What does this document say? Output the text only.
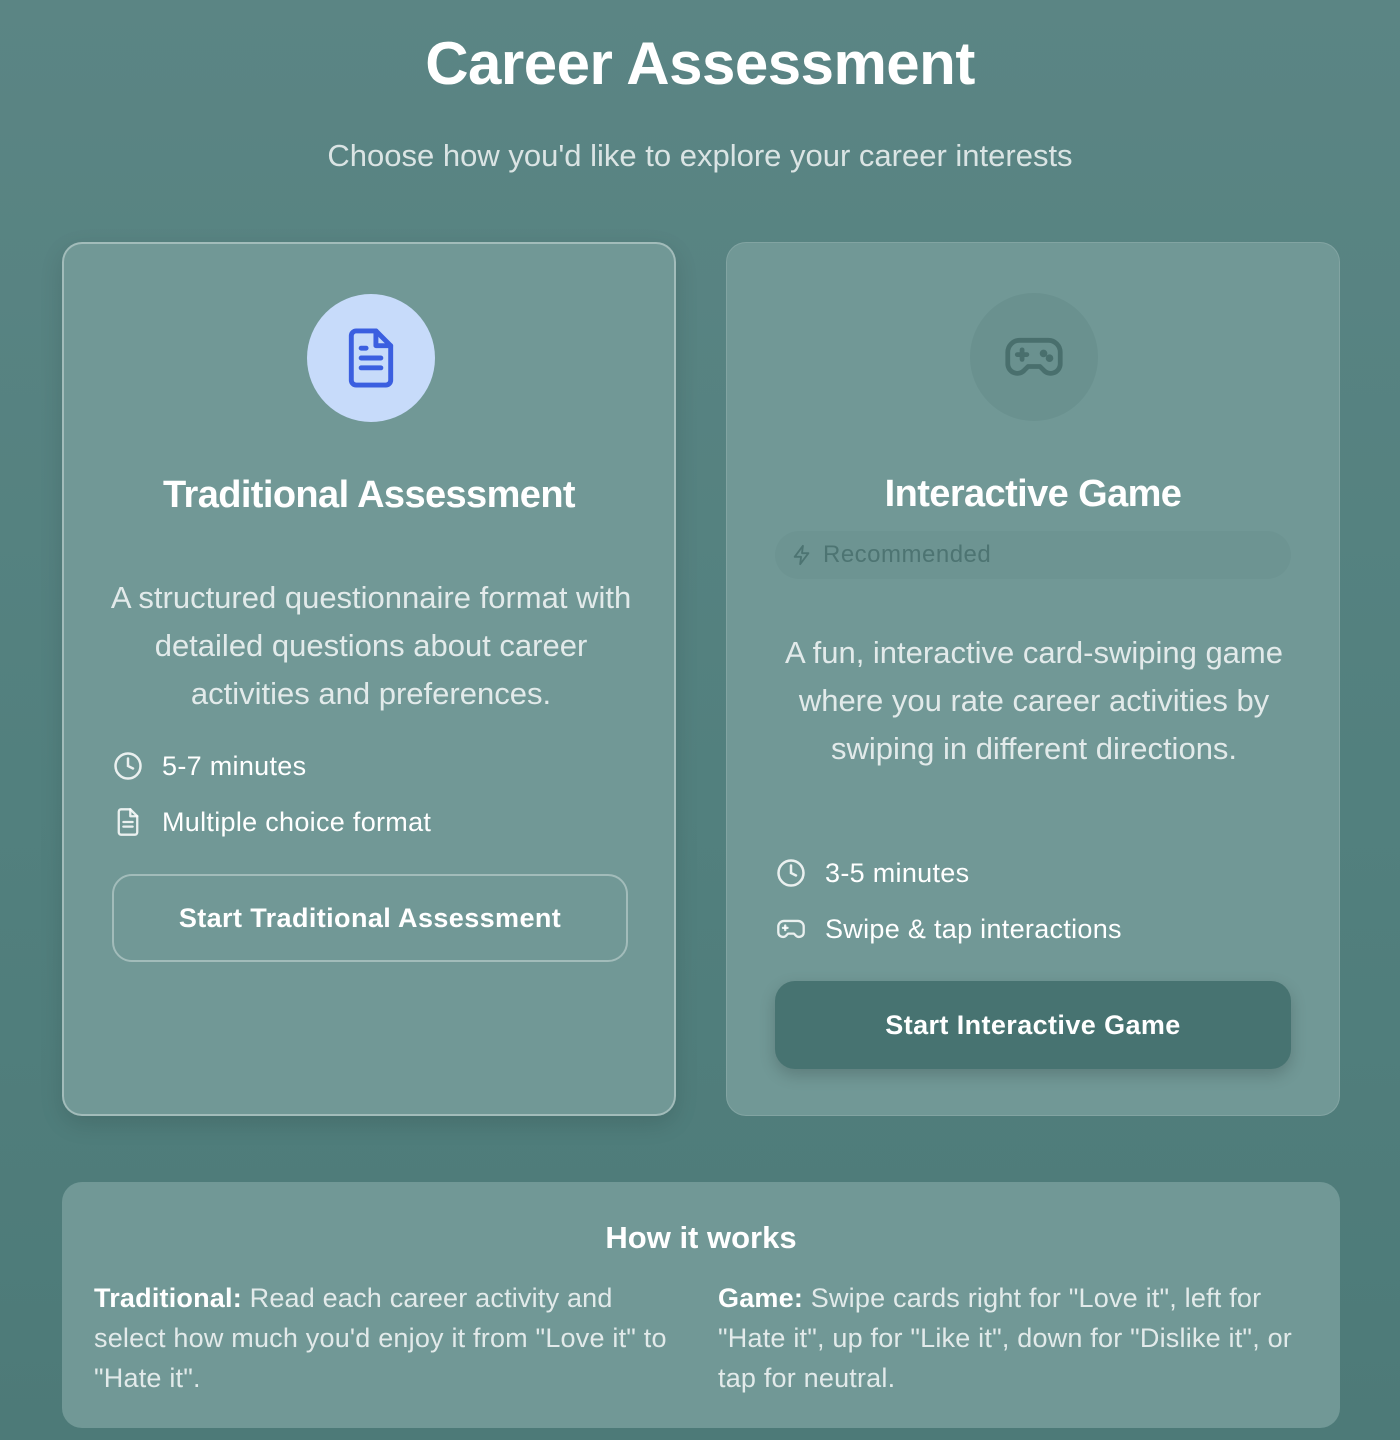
Career Assessment
Choose how you'd like to explore your career interests
Traditional Assessment
A structured questionnaire format with detailed questions about career activities and preferences.
5-7 minutes
Multiple choice format
Start Traditional Assessment
Interactive Game
Recommended
A fun, interactive card-swiping game where you rate career activities by swiping in different directions.
3-5 minutes
Swipe & tap interactions
Start Interactive Game
How it works
Traditional: Read each career activity and select how much you'd enjoy it from "Love it" to "Hate it".
Game: Swipe cards right for "Love it", left for "Hate it", up for "Like it", down for "Dislike it", or tap for neutral.
